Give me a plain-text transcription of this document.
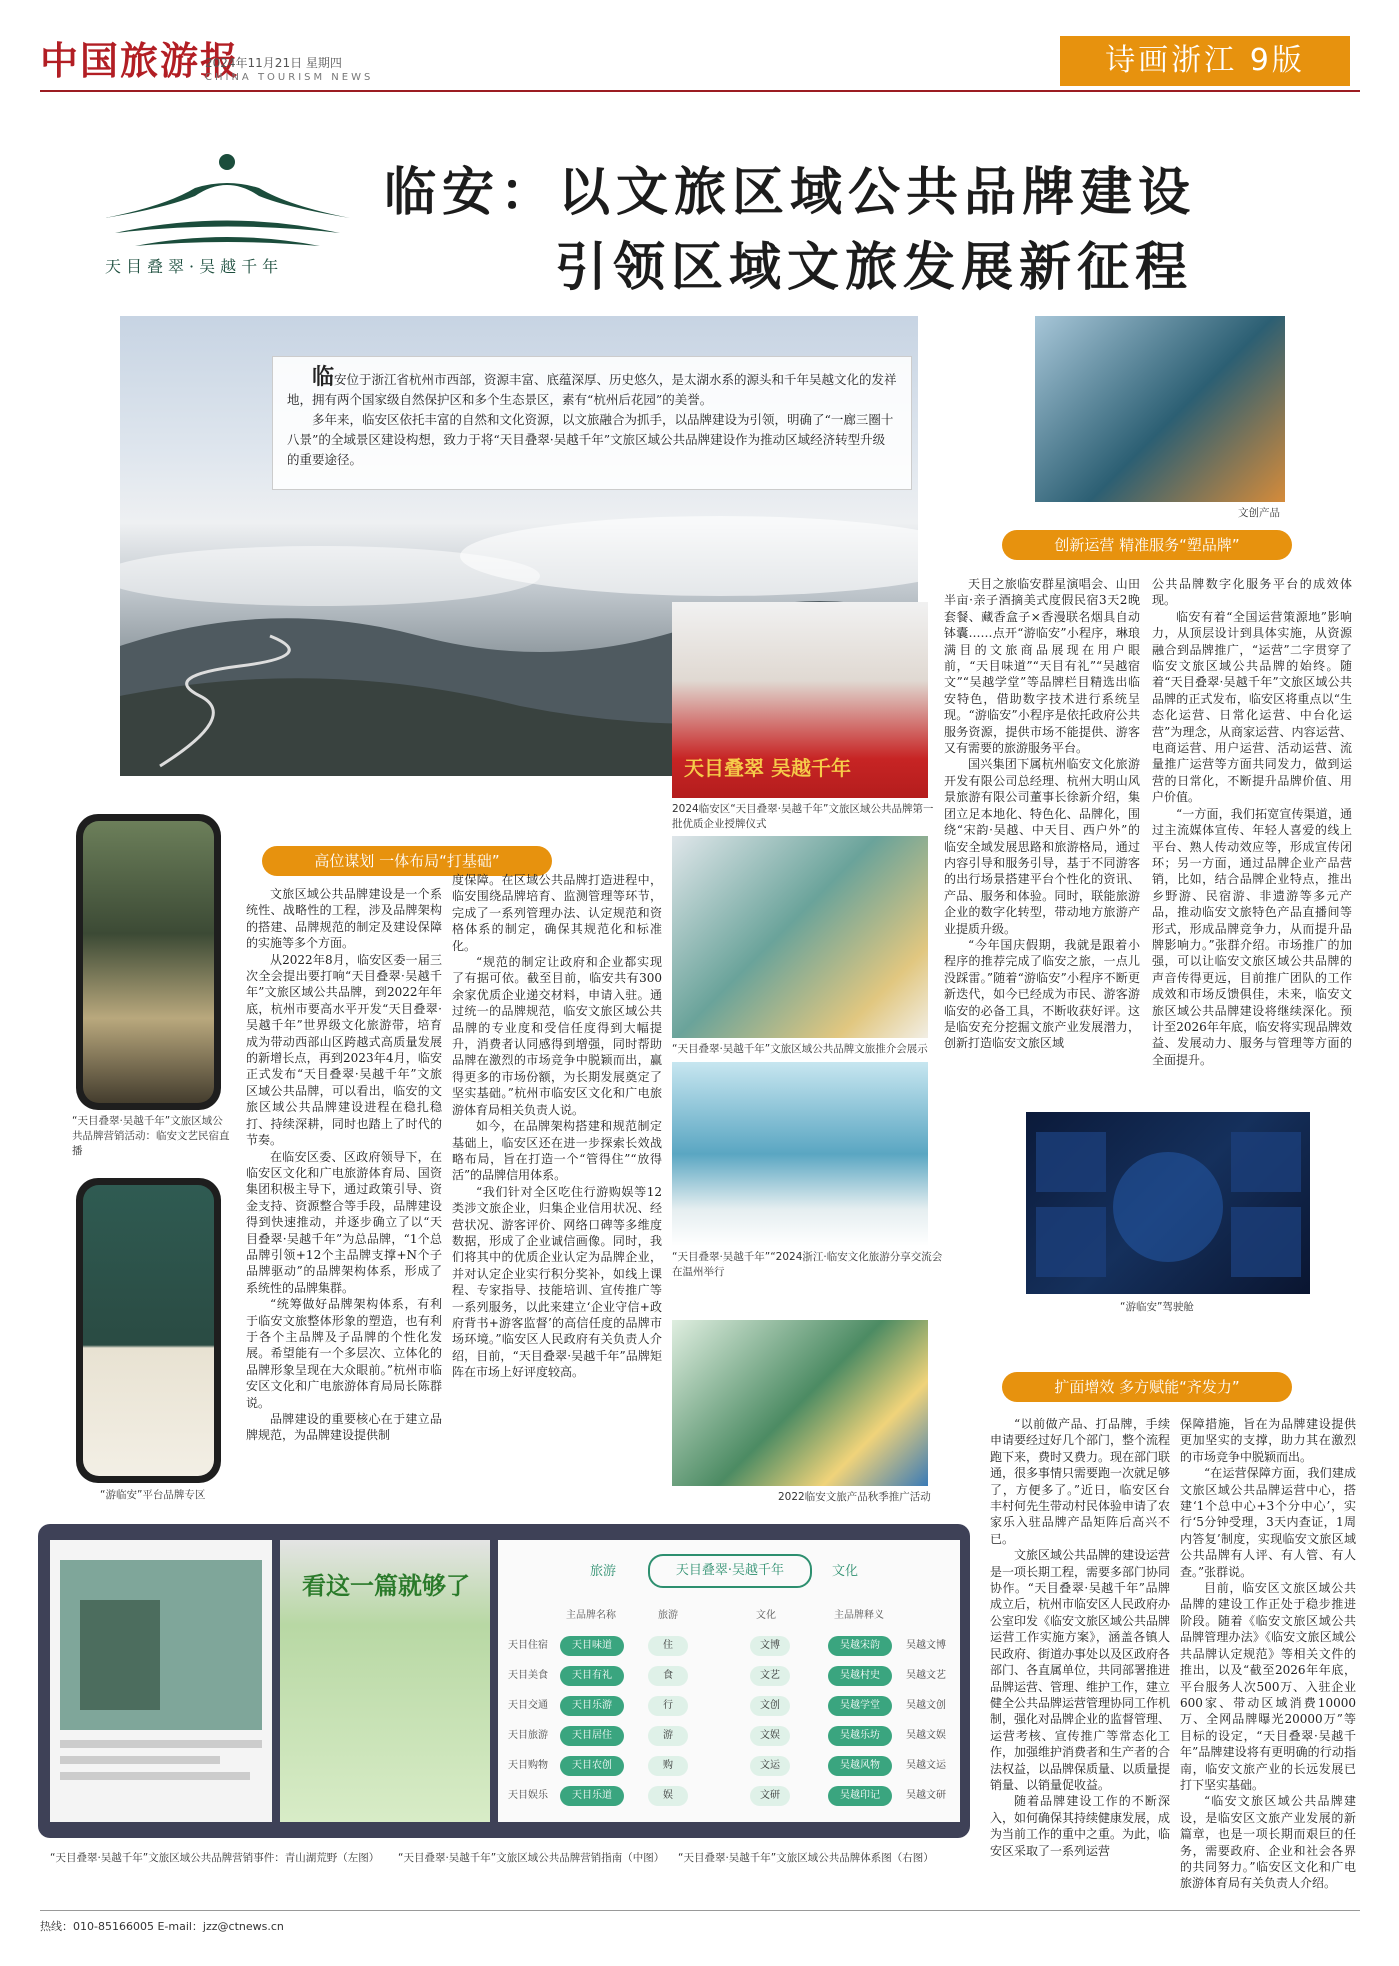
中国旅游报
2024年11月21日 星期四
CHINA TOURISM NEWS	诗画浙江 9版
天目叠翠·吴越千年
临安：以文旅区域公共品牌建设
引领区域文旅发展新征程

临安位于浙江省杭州市西部，资源丰富、底蕴深厚、历史悠久，是太湖水系的源头和千年吴越文化的发祥地，拥有两个国家级自然保护区和多个生态景区，素有“杭州后花园”的美誉。

多年来，临安区依托丰富的自然和文化资源，以文旅融合为抓手，以品牌建设为引领，明确了“一廊三圈十八景”的全域景区建设构想，致力于将“天目叠翠·吴越千年”文旅区域公共品牌建设作为推动区域经济转型升级的重要途径。

文创产品
天目叠翠 吴越千年
2024临安区“天目叠翠·吴越千年”文旅区域公共品牌第一批优质企业授牌仪式
“天目叠翠·吴越千年”文旅区域公共品牌文旅推介会展示
“天目叠翠·吴越千年”“2024浙江·临安文化旅游分享交流会在温州举行
2022临安文旅产品秋季推广活动
“天目叠翠·吴越千年”文旅区域公共品牌营销活动：临安文艺民宿直播
“游临安”平台品牌专区
“游临安”驾驶舱
高位谋划 一体布局“打基础”
创新运营 精准服务“塑品牌”
扩面增效 多方赋能“齐发力”

文旅区域公共品牌建设是一个系统性、战略性的工程，涉及品牌架构的搭建、品牌规范的制定及建设保障的实施等多个方面。

从2022年8月，临安区委一届三次全会提出要打响“天目叠翠·吴越千年”文旅区域公共品牌，到2022年年底，杭州市要高水平开发“天目叠翠·吴越千年”世界级文化旅游带，培育成为带动西部山区跨越式高质量发展的新增长点，再到2023年4月，临安正式发布“天目叠翠·吴越千年”文旅区域公共品牌，可以看出，临安的文旅区域公共品牌建设进程在稳扎稳打、持续深耕，同时也踏上了时代的节奏。

在临安区委、区政府领导下，在临安区文化和广电旅游体育局、国资集团积极主导下，通过政策引导、资金支持、资源整合等手段，品牌建设得到快速推动，并逐步确立了以“天目叠翠·吴越千年”为总品牌，“1个总品牌引领+12个主品牌支撑+N个子品牌驱动”的品牌架构体系，形成了系统性的品牌集群。

“统筹做好品牌架构体系，有利于临安文旅整体形象的塑造，也有利于各个主品牌及子品牌的个性化发展。希望能有一个多层次、立体化的品牌形象呈现在大众眼前。”杭州市临安区文化和广电旅游体育局局长陈群说。

品牌建设的重要核心在于建立品牌规范，为品牌建设提供制

度保障。在区域公共品牌打造进程中，临安围绕品牌培育、监测管理等环节，完成了一系列管理办法、认定规范和资格体系的制定，确保其规范化和标准化。

“规范的制定让政府和企业都实现了有据可依。截至目前，临安共有300余家优质企业递交材料，申请入驻。通过统一的品牌规范，临安文旅区域公共品牌的专业度和受信任度得到大幅提升，消费者认同感得到增强，同时帮助品牌在激烈的市场竞争中脱颖而出，赢得更多的市场份额，为长期发展奠定了坚实基础。”杭州市临安区文化和广电旅游体育局相关负责人说。

如今，在品牌架构搭建和规范制定基础上，临安区还在进一步探索长效战略布局，旨在打造一个“管得住”“放得活”的品牌信用体系。

“我们针对全区吃住行游购娱等12类涉文旅企业，归集企业信用状况、经营状况、游客评价、网络口碑等多维度数据，形成了企业诚信画像。同时，我们将其中的优质企业认定为品牌企业，并对认定企业实行积分奖补，如线上课程、专家指导、技能培训、宣传推广等一系列服务，以此来建立‘企业守信+政府背书+游客监督’的高信任度的品牌市场环境。”临安区人民政府有关负责人介绍，目前，“天目叠翠·吴越千年”品牌矩阵在市场上好评度较高。

天目之旅临安群星演唱会、山田半亩·亲子酒摘美式度假民宿3天2晚套餐、藏香盒子×香漫联名烟具自动钵囊……点开“游临安”小程序，琳琅满目的文旅商品展现在用户眼前，“天目味道”“天目有礼”“吴越宿文”“吴越学堂”等品牌栏目精选出临安特色，借助数字技术进行系统呈现。“游临安”小程序是依托政府公共服务资源，提供市场不能提供、游客又有需要的旅游服务平台。

国兴集团下属杭州临安文化旅游开发有限公司总经理、杭州大明山风景旅游有限公司董事长徐新介绍，集团立足本地化、特色化、品牌化，围绕“宋韵·吴越、中天目、西户外”的临安全域发展思路和旅游格局，通过内容引导和服务引导，基于不同游客的出行场景搭建平台个性化的资讯、产品、服务和体验。同时，联能旅游企业的数字化转型，带动地方旅游产业提质升级。

“今年国庆假期，我就是跟着小程序的推荐完成了临安之旅，一点儿没踩雷。”随着“游临安”小程序不断更新迭代，如今已经成为市民、游客游临安的必备工具，不断收获好评。这是临安充分挖掘文旅产业发展潜力，创新打造临安文旅区域

公共品牌数字化服务平台的成效体现。

临安有着“全国运营策源地”影响力，从顶层设计到具体实施，从资源融合到品牌推广，“运营”二字贯穿了临安文旅区域公共品牌的始终。随着“天目叠翠·吴越千年”文旅区域公共品牌的正式发布，临安区将重点以“生态化运营、日常化运营、中台化运营”为理念，从商家运营、内容运营、电商运营、用户运营、活动运营、流量推广运营等方面共同发力，做到运营的日常化，不断提升品牌价值、用户价值。

“一方面，我们拓宽宣传渠道，通过主流媒体宣传、年轻人喜爱的线上平台、熟人传动效应等，形成宣传闭环；另一方面，通过品牌企业产品营销，比如，结合品牌企业特点，推出乡野游、民宿游、非遗游等多元产品，推动临安文旅特色产品直播间等形式，形成品牌竞争力，从而提升品牌影响力。”张群介绍。市场推广的加强，可以让临安文旅区域公共品牌的声音传得更远，目前推广团队的工作成效和市场反馈俱佳，未来，临安文旅区域公共品牌建设将继续深化。预计至2026年年底，临安将实现品牌效益、发展动力、服务与管理等方面的全面提升。

“以前做产品、打品牌，手续申请要经过好几个部门，整个流程跑下来，费时又费力。现在部门联通，很多事情只需要跑一次就足够了，方便多了。”近日，临安区台丰村何先生带动村民体验申请了农家乐入驻品牌产品矩阵后高兴不已。

文旅区域公共品牌的建设运营是一项长期工程，需要多部门协同协作。“天目叠翠·吴越千年”品牌成立后，杭州市临安区人民政府办公室印发《临安文旅区域公共品牌运营工作实施方案》，涵盖各镇人民政府、街道办事处以及区政府各部门、各直属单位，共同部署推进品牌运营、管理、维护工作，建立健全公共品牌运营管理协同工作机制，强化对品牌企业的监督管理、运营考核、宣传推广等常态化工作，加强维护消费者和生产者的合法权益，以品牌保质量、以质量提销量、以销量促收益。

随着品牌建设工作的不断深入，如何确保其持续健康发展，成为当前工作的重中之重。为此，临安区采取了一系列运营

保障措施，旨在为品牌建设提供更加坚实的支撑，助力其在激烈的市场竞争中脱颖而出。

“在运营保障方面，我们建成文旅区域公共品牌运营中心，搭建‘1个总中心+3个分中心’，实行‘5分钟受理，3天内查证，1周内答复’制度，实现临安文旅区域公共品牌有人评、有人管、有人查。”张群说。

目前，临安区文旅区域公共品牌的建设工作正处于稳步推进阶段。随着《临安文旅区域公共品牌管理办法》《临安文旅区域公共品牌认定规范》等相关文件的推出，以及“截至2026年年底，平台服务人次500万、入驻企业600家、带动区域消费10000万、全网品牌曝光20000万”等目标的设定，“天目叠翠·吴越千年”品牌建设将有更明确的行动指南，临安文旅产业的长远发展已打下坚实基础。

“临安文旅区域公共品牌建设，是临安区文旅产业发展的新篇章，也是一项长期而艰巨的任务，需要政府、企业和社会各界的共同努力。”临安区文化和广电旅游体育局有关负责人介绍。

看这一篇就够了
天目叠翠·吴越千年
旅游	文化
主品牌名称	旅游	文化	主品牌释义
天目住宿	天目味道	住	文博	吴越宋韵	吴越文博
天目美食	天目有礼	食	文艺	吴越村史	吴越文艺
天目交通	天目乐游	行	文创	吴越学堂	吴越文创
天目旅游	天目居住	游	文娱	吴越乐坊	吴越文娱
天目购物	天目农创	购	文运	吴越风物	吴越文运
天目娱乐	天目乐道	娱	文研	吴越印记	吴越文研
“天目叠翠·吴越千年”文旅区域公共品牌营销事件：青山湖荒野（左图） “天目叠翠·吴越千年”文旅区域公共品牌营销指南（中图） “天目叠翠·吴越千年”文旅区域公共品牌体系图（右图）
热线：010-85166005 E-mail：jzz@ctnews.cn
